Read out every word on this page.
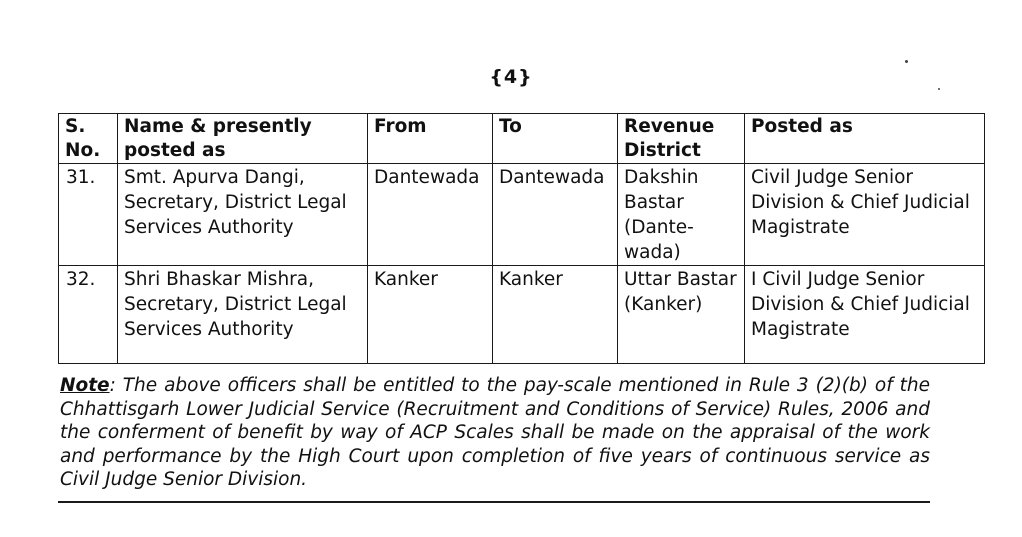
{4}
S. No.	Name & presently posted as	From	To	Revenue District	Posted as
31.	Smt. Apurva Dangi, Secretary, District Legal Services Authority	Dantewada	Dantewada	Dakshin Bastar (Dante-wada)	Civil Judge Senior Division & Chief Judicial Magistrate
32.	Shri Bhaskar Mishra, Secretary, District Legal Services Authority	Kanker	Kanker	Uttar Bastar (Kanker)	I Civil Judge Senior Division & Chief Judicial Magistrate
Note: The above officers shall be entitled to the pay-scale mentioned in Rule 3 (2)(b) of the Chhattisgarh Lower Judicial Service (Recruitment and Conditions of Service) Rules, 2006 and the conferment of benefit by way of ACP Scales shall be made on the appraisal of the work and performance by the High Court upon completion of five years of continuous service as Civil Judge Senior Division.
